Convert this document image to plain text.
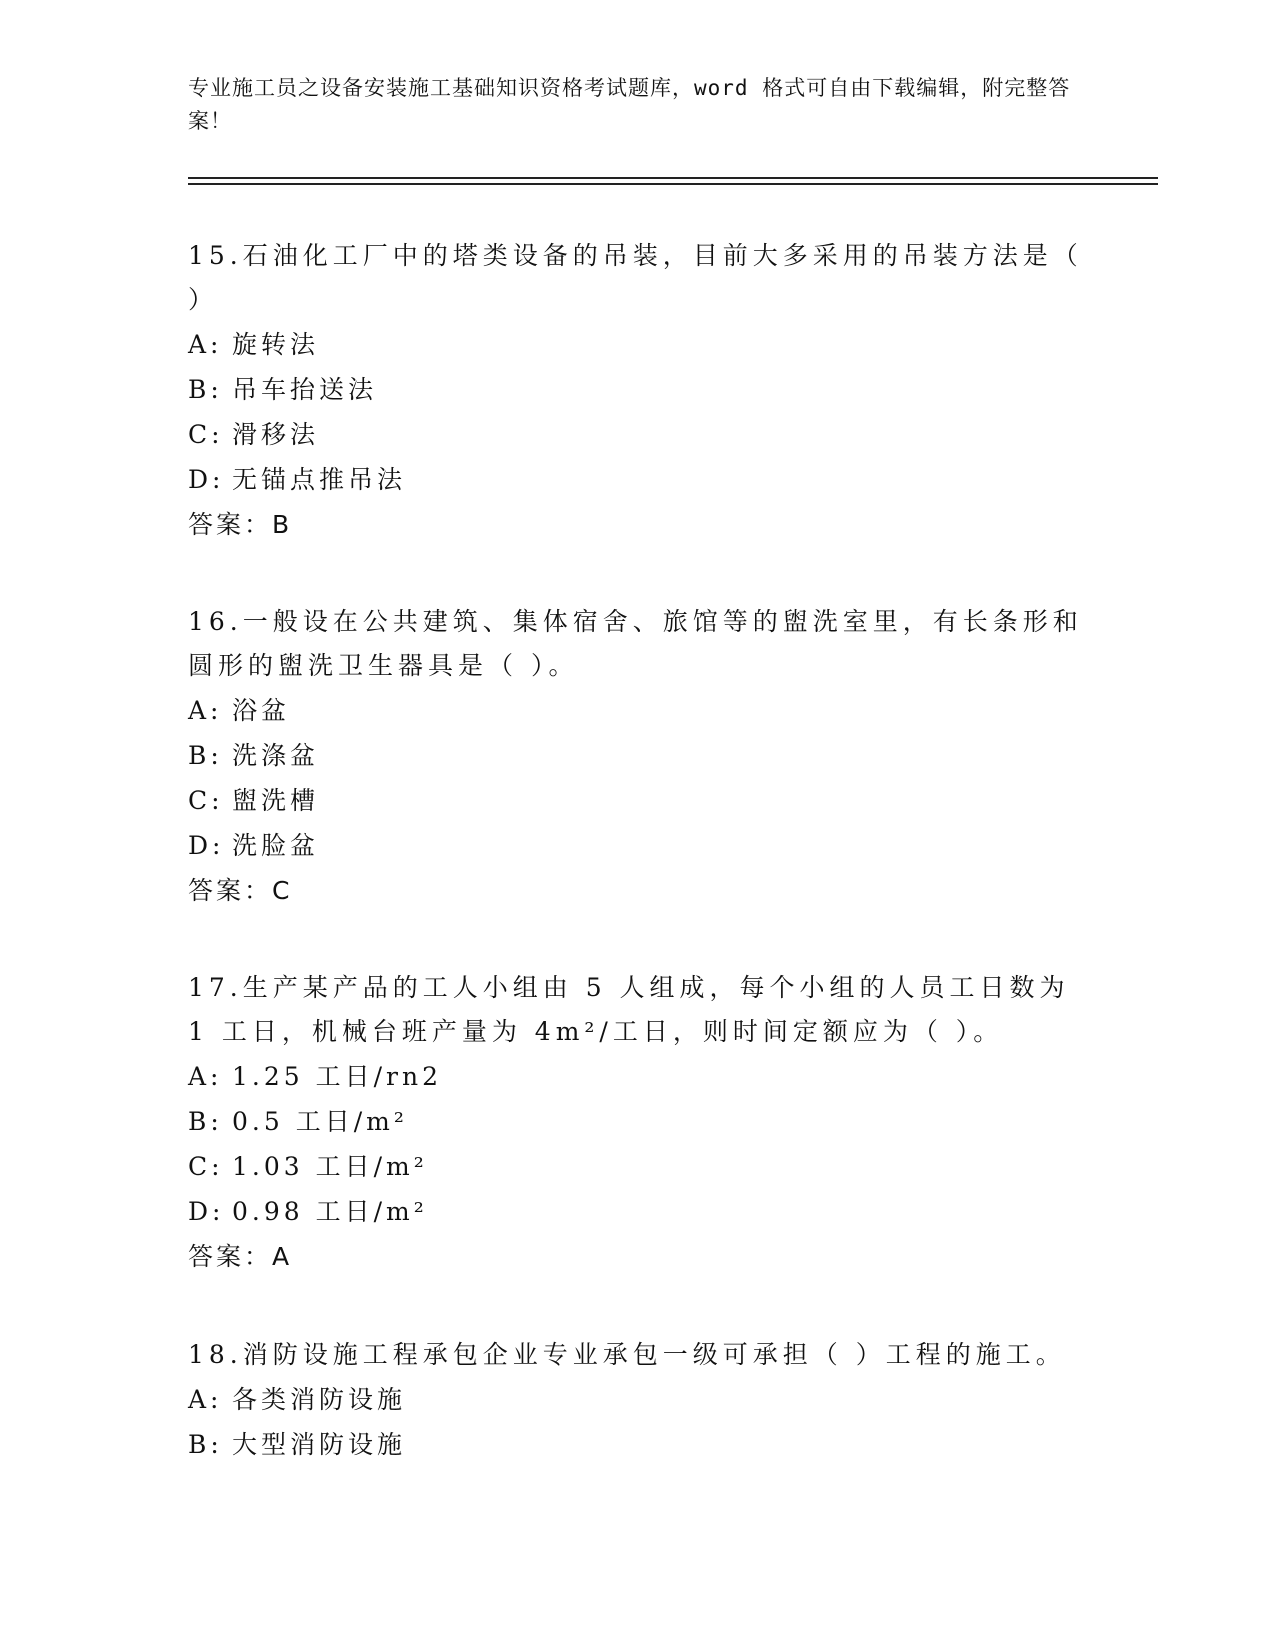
专业施工员之设备安装施工基础知识资格考试题库，word 格式可自由下载编辑，附完整答案！

15.石油化工厂中的塔类设备的吊装，目前大多采用的吊装方法是（ ）

A: 旋转法

B: 吊车抬送法

C: 滑移法

D: 无锚点推吊法

答案：B

16.一般设在公共建筑、集体宿舍、旅馆等的盥洗室里，有长条形和圆形的盥洗卫生器具是（ ）。

A: 浴盆

B: 洗涤盆

C: 盥洗槽

D: 洗脸盆

答案：C

17.生产某产品的工人小组由 5 人组成，每个小组的人员工日数为 1 工日，机械台班产量为 4m²/工日，则时间定额应为（ ）。

A: 1.25 工日/rn2

B: 0.5 工日/m²

C: 1.03 工日/m²

D: 0.98 工日/m²

答案：A

18.消防设施工程承包企业专业承包一级可承担（ ）工程的施工。

A: 各类消防设施

B: 大型消防设施
